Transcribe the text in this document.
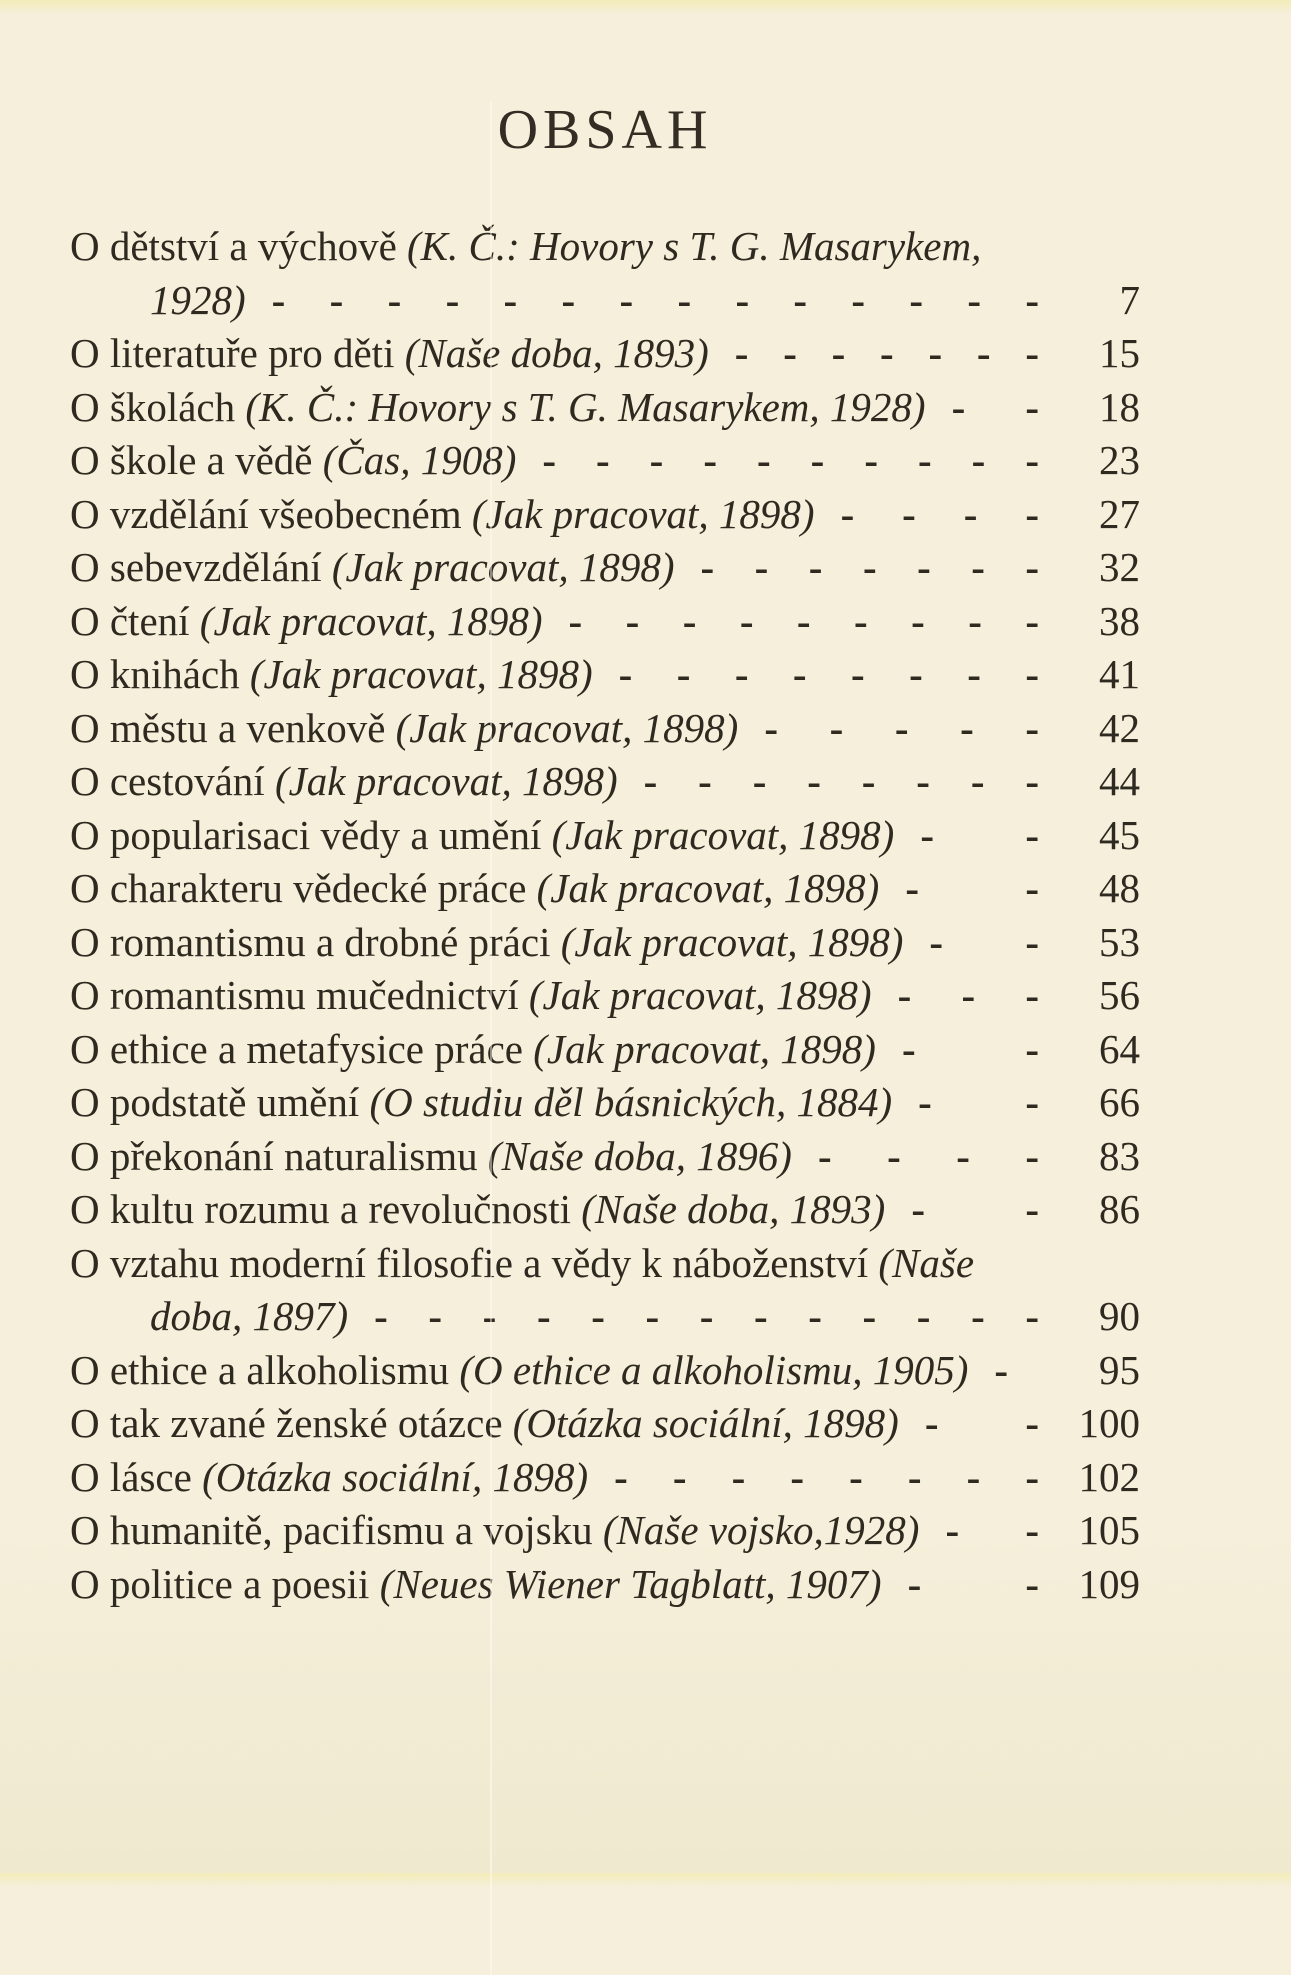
OBSAH
O dětství a výchově (K. Č.: Hovory s T. G. Masarykem,
1928) - - - - - - - - - - - - - -	7
O literatuře pro děti (Naše doba, 1893) - - - - - - -	15
O školách (K. Č.: Hovory s T. G. Masarykem, 1928) - -	18
O škole a vědě (Čas, 1908) - - - - - - - - - -	23
O vzdělání všeobecném (Jak pracovat, 1898) - - - -	27
O sebevzdělání (Jak pracovat, 1898) - - - - - - -	32
O čtení (Jak pracovat, 1898) - - - - - - - - -	38
O knihách (Jak pracovat, 1898) - - - - - - - -	41
O městu a venkově (Jak pracovat, 1898) - - - - -	42
O cestování (Jak pracovat, 1898) - - - - - - - -	44
O popularisaci vědy a umění (Jak pracovat, 1898) - -	45
O charakteru vědecké práce (Jak pracovat, 1898) - -	48
O romantismu a drobné práci (Jak pracovat, 1898) - -	53
O romantismu mučednictví (Jak pracovat, 1898) - - -	56
O ethice a metafysice práce (Jak pracovat, 1898) - -	64
O podstatě umění (O studiu děl básnických, 1884) - -	66
O překonání naturalismu (Naše doba, 1896) - - - -	83
O kultu rozumu a revolučnosti (Naše doba, 1893) - -	86
O vztahu moderní filosofie a vědy k náboženství (Naše
doba, 1897) - - - - - - - - - - - - -	90
O ethice a alkoholismu (O ethice a alkoholismu, 1905) -	95
O tak zvané ženské otázce (Otázka sociální, 1898) - - 100
O lásce (Otázka sociální, 1898) - - - - - - - - 102
O humanitě, pacifismu a vojsku (Naše vojsko,1928) - - 105
O politice a poesii (Neues Wiener Tagblatt, 1907) - - 109
